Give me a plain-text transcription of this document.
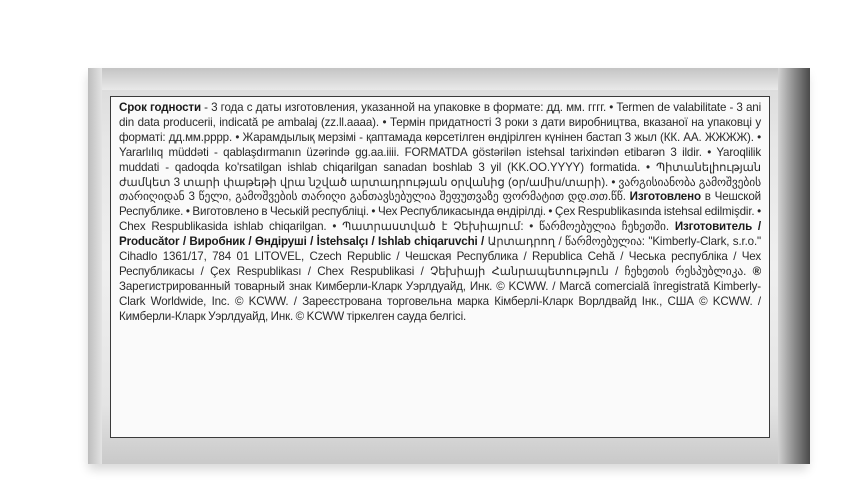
Срок годности - 3 года с даты изготовления, указанной на упаковке в формате: дд. мм. гггг. • Termen de valabilitate - 3 ani din data producerii, indicată pe ambalaj (zz.ll.aaaa). • Термін придатності 3 роки з дати виробництва, вказаної на упаковці у форматі: дд.мм.рррр. • Жарамдылық мерзімі - қаптамада көрсетілген өндірілген күнінен бастап 3 жыл (КК. АА. ЖЖЖЖ). • Yararlılıq müddəti - qablaşdırmanın üzərində gg.aa.iiii. FORMATDA göstərilən istehsal tarixindən etibarən 3 ildir. • Yaroqlilik muddati - qadoqda ko'rsatilgan ishlab chiqarilgan sanadan boshlab 3 yil (KK.OO.YYYY) formatida. • Պիտանելիության ժամկետ 3 տարի փաթեթի վրա նշված արտադրության օրվանից (օր/ամիս/տարի). • ვარგისიანობა გამოშვების თარიღიდან 3 წელი, გამოშვების თარიღი განთავსებულია შეფუთვაზე ფორმატით დდ.თთ.წწ. Изготовлено в Чешской Республике. • Виготовлено в Чеській республіці. • Чех Республикасында өндірілді. • Çex Respublikasında istehsal edilmişdir. • Chex Respublikasida ishlab chiqarilgan. • Պատրաստված է Չեխիայում: • წარმოებულია ჩეხეთში. Изготовитель / Producător / Виробник / Өндіруші / İstehsalçı / Ishlab chiqaruvchi / Արտադրող / წარმოებულია: "Kimberly-Clark, s.r.o." Cihadlo 1361/17, 784 01 LITOVEL, Czech Republic / Чешская Республика / Republica Cehă / Чеська республіка / Чех Республикасы / Çex Respublikası / Chex Respublikasi / Չեխիայի Հանրապետություն / ჩეხეთის რესპუბლიკა. ® Зарегистрированный товарный знак Кимберли-Кларк Уэрлдуайд, Инк. © KCWW. / Marcă comercială înregistrată Kimberly-Clark Worldwide, Inc. © KCWW. / Зареєстрована торговельна марка Кімберлі-Кларк Ворлдвайд Інк., США © KCWW. / Кимберли-Кларк Уэрлдуайд, Инк. © KCWW тіркелген сауда белгісі.
